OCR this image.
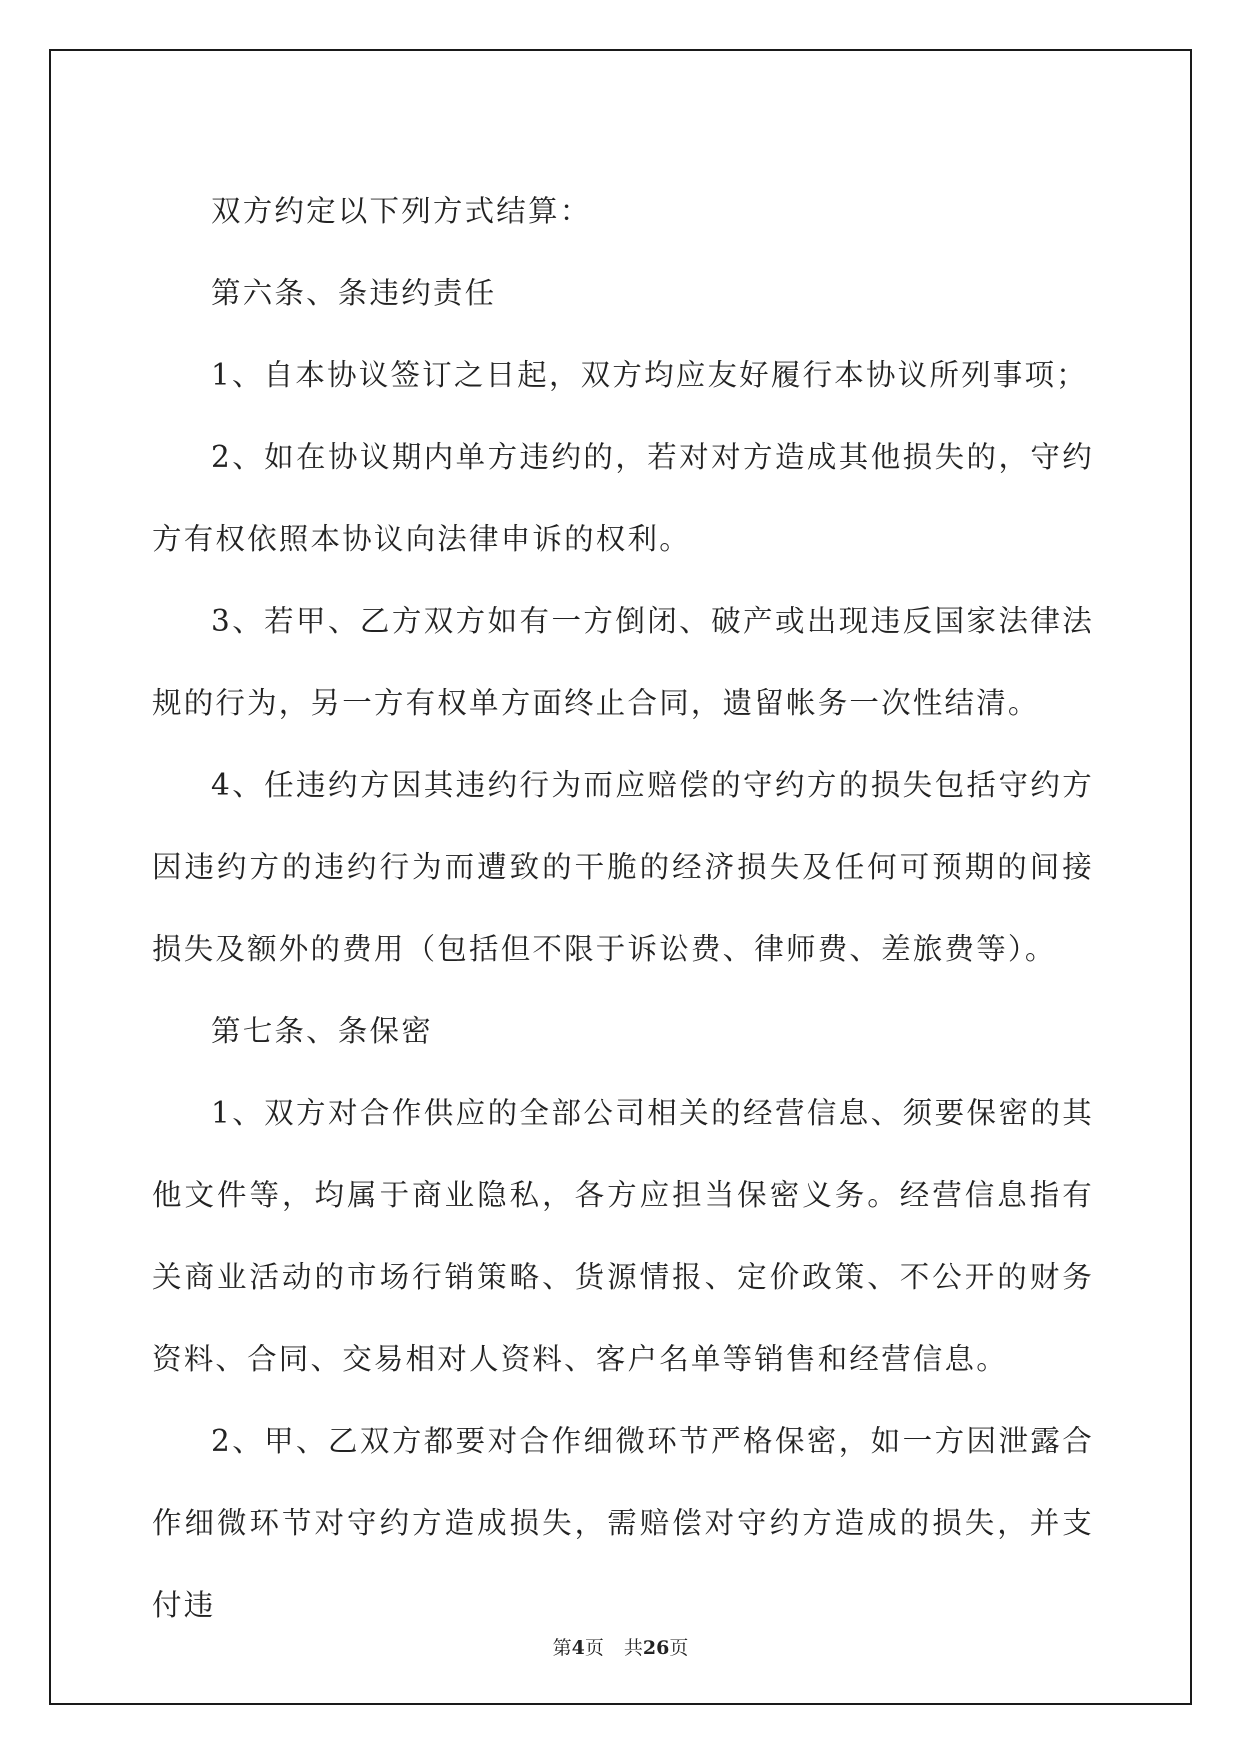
双方约定以下列方式结算：

第六条、条违约责任

1、自本协议签订之日起，双方均应友好履行本协议所列事项；

2、如在协议期内单方违约的，若对对方造成其他损失的，守约方有权依照本协议向法律申诉的权利。

3、若甲、乙方双方如有一方倒闭、破产或出现违反国家法律法规的行为，另一方有权单方面终止合同，遗留帐务一次性结清。

4、任违约方因其违约行为而应赔偿的守约方的损失包括守约方因违约方的违约行为而遭致的干脆的经济损失及任何可预期的间接损失及额外的费用（包括但不限于诉讼费、律师费、差旅费等）。

第七条、条保密

1、双方对合作供应的全部公司相关的经营信息、须要保密的其他文件等，均属于商业隐私，各方应担当保密义务。经营信息指有关商业活动的市场行销策略、货源情报、定价政策、不公开的财务资料、合同、交易相对人资料、客户名单等销售和经营信息。

2、甲、乙双方都要对合作细微环节严格保密，如一方因泄露合作细微环节对守约方造成损失，需赔偿对守约方造成的损失，并支付违

第4页 共26页
